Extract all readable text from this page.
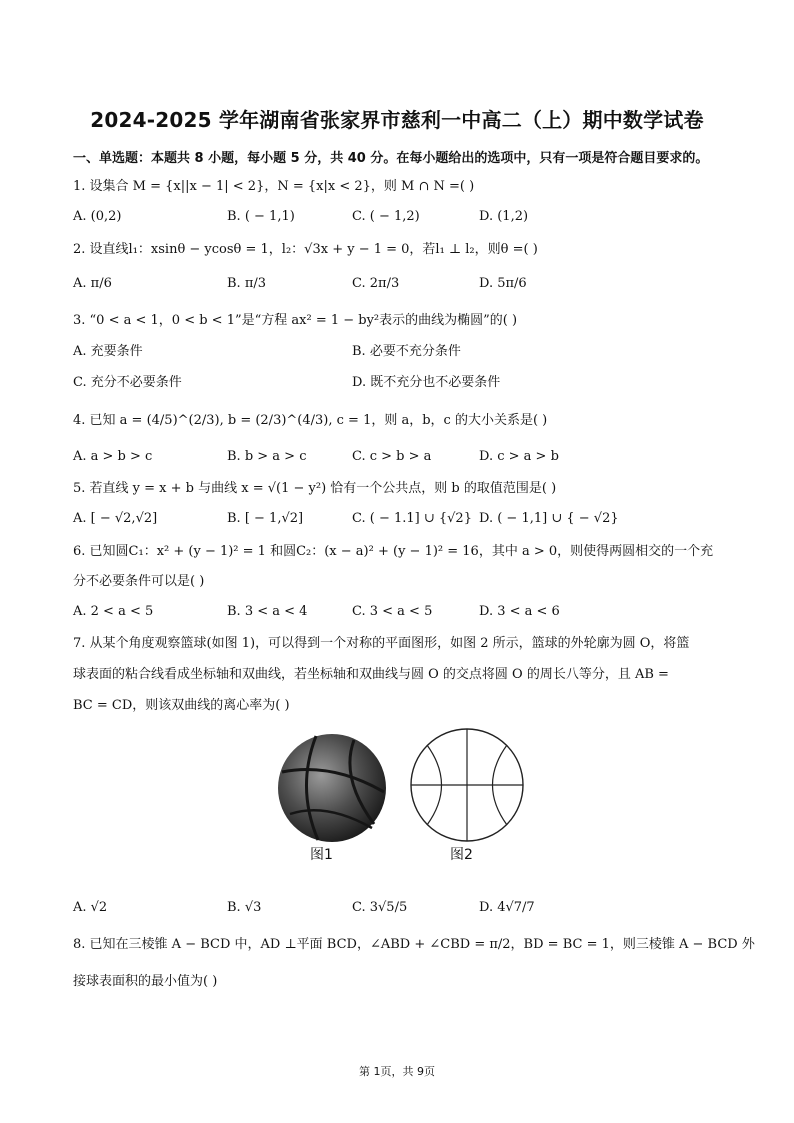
2024-2025 学年湖南省张家界市慈利一中高二（上）期中数学试卷
一、单选题：本题共 8 小题，每小题 5 分，共 40 分。在每小题给出的选项中，只有一项是符合题目要求的。
1. 设集合 M = {x||x − 1| < 2}，N = {x|x < 2}，则 M ∩ N =( )
A. (0,2)	B. ( − 1,1)	C. ( − 1,2)	D. (1,2)
2. 设直线l₁：xsinθ − ycosθ = 1，l₂：√3x + y − 1 = 0，若l₁ ⊥ l₂，则θ =( )
A. π/6	B. π/3	C. 2π/3	D. 5π/6
3. “0 < a < 1，0 < b < 1”是“方程 ax² = 1 − by²表示的曲线为椭圆”的( )
A. 充要条件	B. 必要不充分条件
C. 充分不必要条件	D. 既不充分也不必要条件
4. 已知 a = (4/5)^(2/3), b = (2/3)^(4/3), c = 1，则 a，b，c 的大小关系是( )
A. a > b > c	B. b > a > c	C. c > b > a	D. c > a > b
5. 若直线 y = x + b 与曲线 x = √(1 − y²) 恰有一个公共点，则 b 的取值范围是( )
A. [ − √2,√2]	B. [ − 1,√2]	C. ( − 1.1] ∪ {√2} D. ( − 1,1] ∪ { − √2}
6. 已知圆C₁：x² + (y − 1)² = 1 和圆C₂：(x − a)² + (y − 1)² = 16，其中 a > 0，则使得两圆相交的一个充
分不必要条件可以是( )
A. 2 < a < 5	B. 3 < a < 4	C. 3 < a < 5	D. 3 < a < 6
7. 从某个角度观察篮球(如图 1)，可以得到一个对称的平面图形，如图 2 所示，篮球的外轮廓为圆 O，将篮
球表面的粘合线看成坐标轴和双曲线，若坐标轴和双曲线与圆 O 的交点将圆 O 的周长八等分，且 AB =
BC = CD，则该双曲线的离心率为( )
图1	图2
A. √2	B. √3	C. 3√5/5	D. 4√7/7
8. 已知在三棱锥 A − BCD 中，AD ⊥平面 BCD，∠ABD + ∠CBD = π/2，BD = BC = 1，则三棱锥 A − BCD 外
接球表面积的最小值为( )
第 1页，共 9页
